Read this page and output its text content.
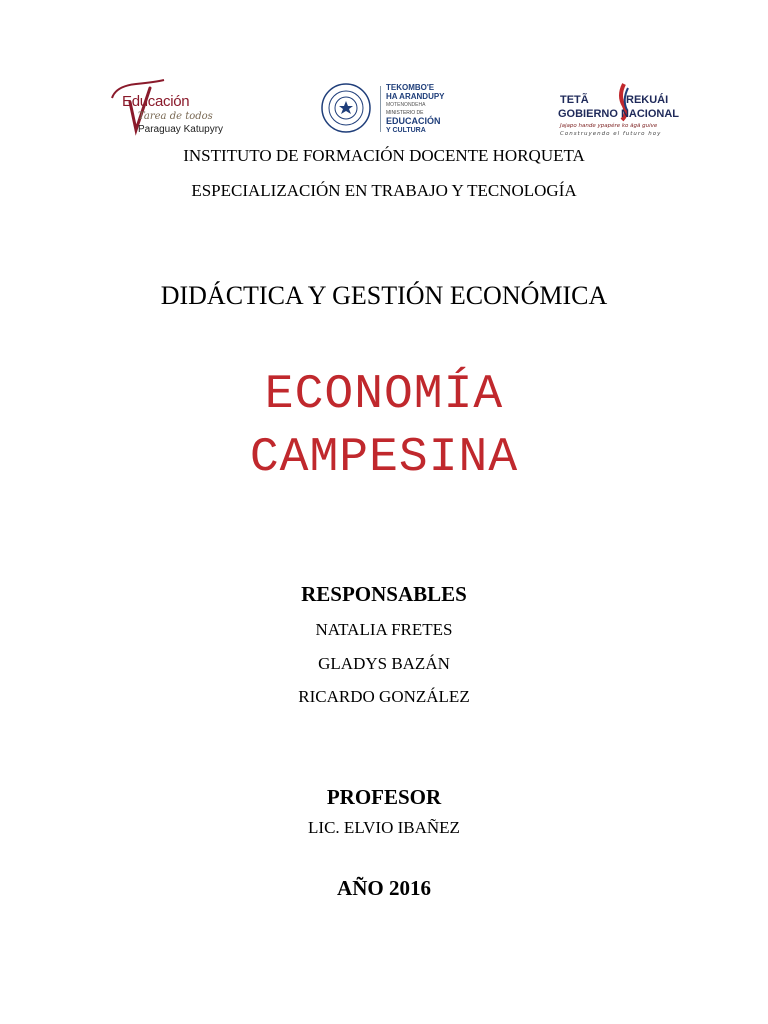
Educación
Tarea de todos
Paraguay Katupyry
TEKOMBO'E
HA ARANDUPY
MOTENONDEHA
MINISTERIO DE
EDUCACIÓN
Y CULTURA
TETÃ	REKUÁI
GOBIERNO NACIONAL
Jajapo hande ypapére ko ãgã guive
Construyendo el futuro hoy
INSTITUTO DE FORMACIÓN DOCENTE HORQUETA
ESPECIALIZACIÓN EN TRABAJO Y TECNOLOGÍA
DIDÁCTICA Y GESTIÓN ECONÓMICA
ECONOMÍA
CAMPESINA
RESPONSABLES
NATALIA FRETES
GLADYS BAZÁN
RICARDO GONZÁLEZ
PROFESOR
LIC. ELVIO IBAÑEZ
AÑO 2016
